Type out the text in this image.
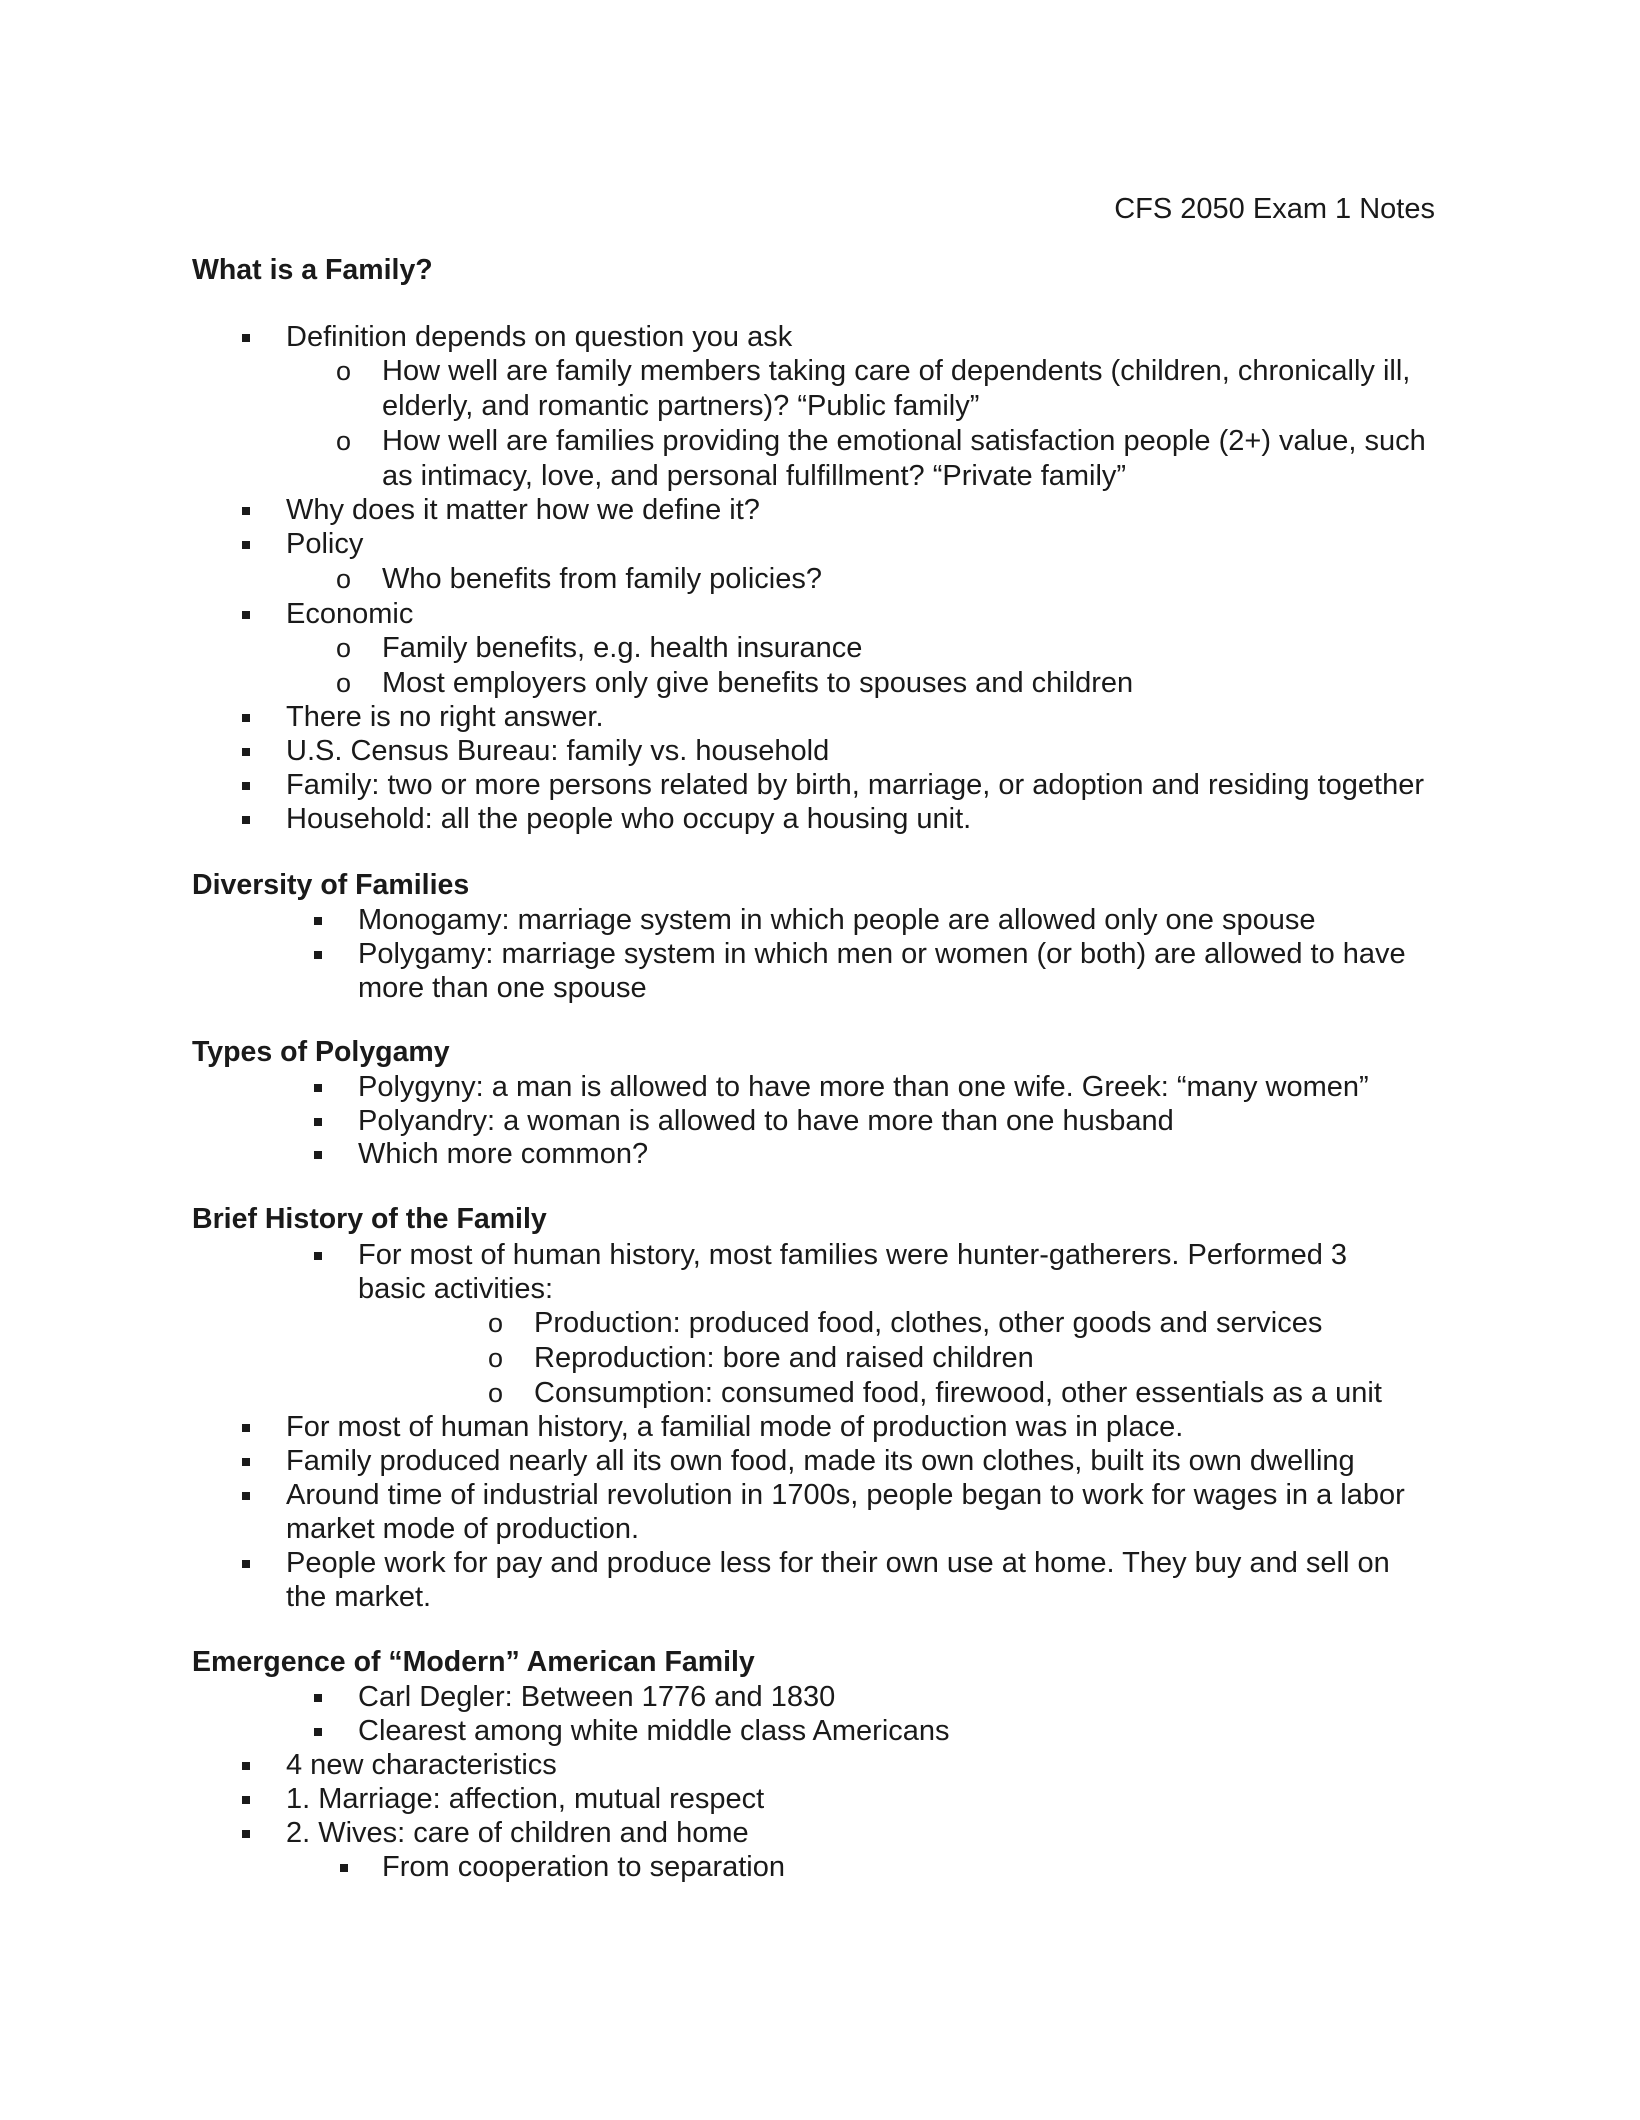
CFS 2050 Exam 1 Notes
What is a Family?
Definition depends on question you ask
o How well are family members taking care of dependents (children, chronically ill,
elderly, and romantic partners)? “Public family”
o How well are families providing the emotional satisfaction people (2+) value, such
as intimacy, love, and personal fulfillment? “Private family”
Why does it matter how we define it?
Policy
o Who benefits from family policies?
Economic
o Family benefits, e.g. health insurance
o Most employers only give benefits to spouses and children
There is no right answer.
U.S. Census Bureau: family vs. household
Family: two or more persons related by birth, marriage, or adoption and residing together
Household: all the people who occupy a housing unit.
Diversity of Families
Monogamy: marriage system in which people are allowed only one spouse
Polygamy: marriage system in which men or women (or both) are allowed to have
more than one spouse
Types of Polygamy
Polygyny: a man is allowed to have more than one wife. Greek: “many women”
Polyandry: a woman is allowed to have more than one husband
Which more common?
Brief History of the Family
For most of human history, most families were hunter-gatherers. Performed 3
basic activities:
o Production: produced food, clothes, other goods and services
o Reproduction: bore and raised children
o Consumption: consumed food, firewood, other essentials as a unit
For most of human history, a familial mode of production was in place.
Family produced nearly all its own food, made its own clothes, built its own dwelling
Around time of industrial revolution in 1700s, people began to work for wages in a labor
market mode of production.
People work for pay and produce less for their own use at home. They buy and sell on
the market.
Emergence of “Modern” American Family
Carl Degler: Between 1776 and 1830
Clearest among white middle class Americans
4 new characteristics
1. Marriage: affection, mutual respect
2. Wives: care of children and home
From cooperation to separation
